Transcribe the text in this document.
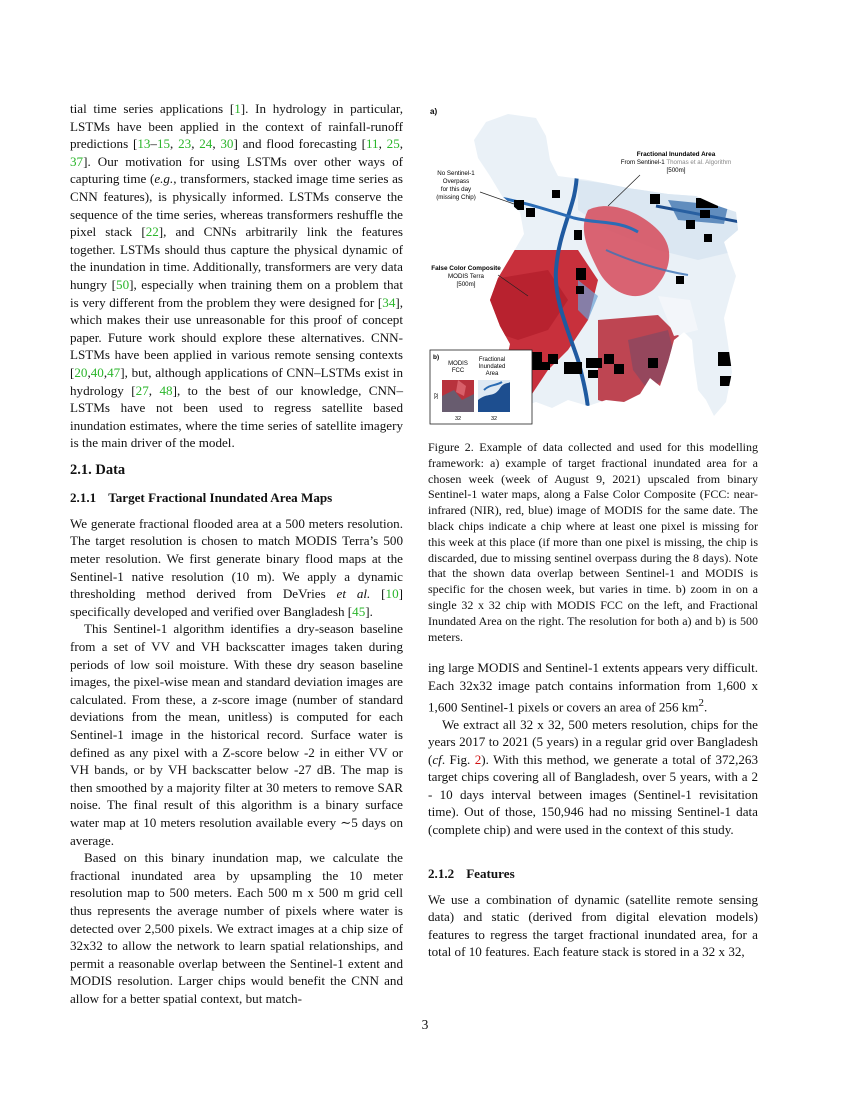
tial time series applications [1]. In hydrology in particular, LSTMs have been applied in the context of rainfall-runoff predictions [13–15, 23, 24, 30] and flood forecasting [11, 25, 37]. Our motivation for using LSTMs over other ways of capturing time (e.g., transformers, stacked image time series as CNN features), is physically informed. LSTMs conserve the sequence of the time series, whereas transformers reshuffle the pixel stack [22], and CNNs arbitrarily link the features together. LSTMs should thus capture the physical dynamic of the inundation in time. Additionally, transformers are very data hungry [50], especially when training them on a problem that is very different from the problem they were designed for [34], which makes their use unreasonable for this proof of concept paper. Future work should explore these alternatives. CNN-LSTMs have been applied in various remote sensing contexts [20,40,47], but, although applications of CNN–LSTMs exist in hydrology [27, 48], to the best of our knowledge, CNN–LSTMs have not been used to regress satellite based inundation estimates, where the time series of satellite imagery is the main driver of the model.

2.1. Data
2.1.1 Target Fractional Inundated Area Maps

We generate fractional flooded area at a 500 meters resolution. The target resolution is chosen to match MODIS Terra’s 500 meter resolution. We first generate binary flood maps at the Sentinel-1 native resolution (10 m). We apply a dynamic thresholding method derived from DeVries et al. [10] specifically developed and verified over Bangladesh [45].

This Sentinel-1 algorithm identifies a dry-season baseline from a set of VV and VH backscatter images taken during periods of low soil moisture. With these dry season baseline images, the pixel-wise mean and standard deviation images are calculated. From these, a z-score image (number of standard deviations from the mean, unitless) is computed for each Sentinel-1 image in the historical record. Surface water is defined as any pixel with a Z-score below -2 in either VV or VH bands, or by VH backscatter below -27 dB. The map is then smoothed by a majority filter at 30 meters to remove SAR noise. The final result of this algorithm is a binary surface water map at 10 meters resolution available every ∼5 days on average.

Based on this binary inundation map, we calculate the fractional inundated area by upsampling the 10 meter resolution map to 500 meters. Each 500 m x 500 m grid cell thus represents the average number of pixels where water is detected over 2,500 pixels. We extract images at a chip size of 32x32 to allow the network to learn spatial relationships, and permit a reasonable overlap between the Sentinel-1 extent and MODIS resolution. Larger chips would benefit the CNN and allow for a better spatial context, but match-

a)
Fractional Inundated Area
From Sentinel-1 Thomas et al. Algorithm
[500m]
No Sentinel-1
Overpass
for this day
(missing Chip)
False Color Composite
MODIS Terra
[500m]
b)
MODIS
FCC
Fractional
Inundated
Area
32	32
32

Figure 2. Example of data collected and used for this modelling framework: a) example of target fractional inundated area for a chosen week (week of August 9, 2021) upscaled from binary Sentinel-1 water maps, along a False Color Composite (FCC: near-infrared (NIR), red, blue) image of MODIS for the same date. The black chips indicate a chip where at least one pixel is missing for this week at this place (if more than one pixel is missing, the chip is discarded, due to missing sentinel overpass during the 8 days). Note that the shown data overlap between Sentinel-1 and MODIS is specific for the chosen week, but varies in time. b) zoom in on a single 32 x 32 chip with MODIS FCC on the left, and Fractional Inundated Area on the right. The resolution for both a) and b) is 500 meters.

ing large MODIS and Sentinel-1 extents appears very difficult. Each 32x32 image patch contains information from 1,600 x 1,600 Sentinel-1 pixels or covers an area of 256 $km^2$.

We extract all 32 x 32, 500 meters resolution, chips for the years 2017 to 2021 (5 years) in a regular grid over Bangladesh (cf. Fig. 2). With this method, we generate a total of 372,263 target chips covering all of Bangladesh, over 5 years, with a 2 - 10 days interval between images (Sentinel-1 revisitation time). Out of those, 150,946 had no missing Sentinel-1 data (complete chip) and were used in the context of this study.

2.1.2 Features

We use a combination of dynamic (satellite remote sensing data) and static (derived from digital elevation models) features to regress the target fractional inundated area, for a total of 10 features. Each feature stack is stored in a 32 x 32,

3
